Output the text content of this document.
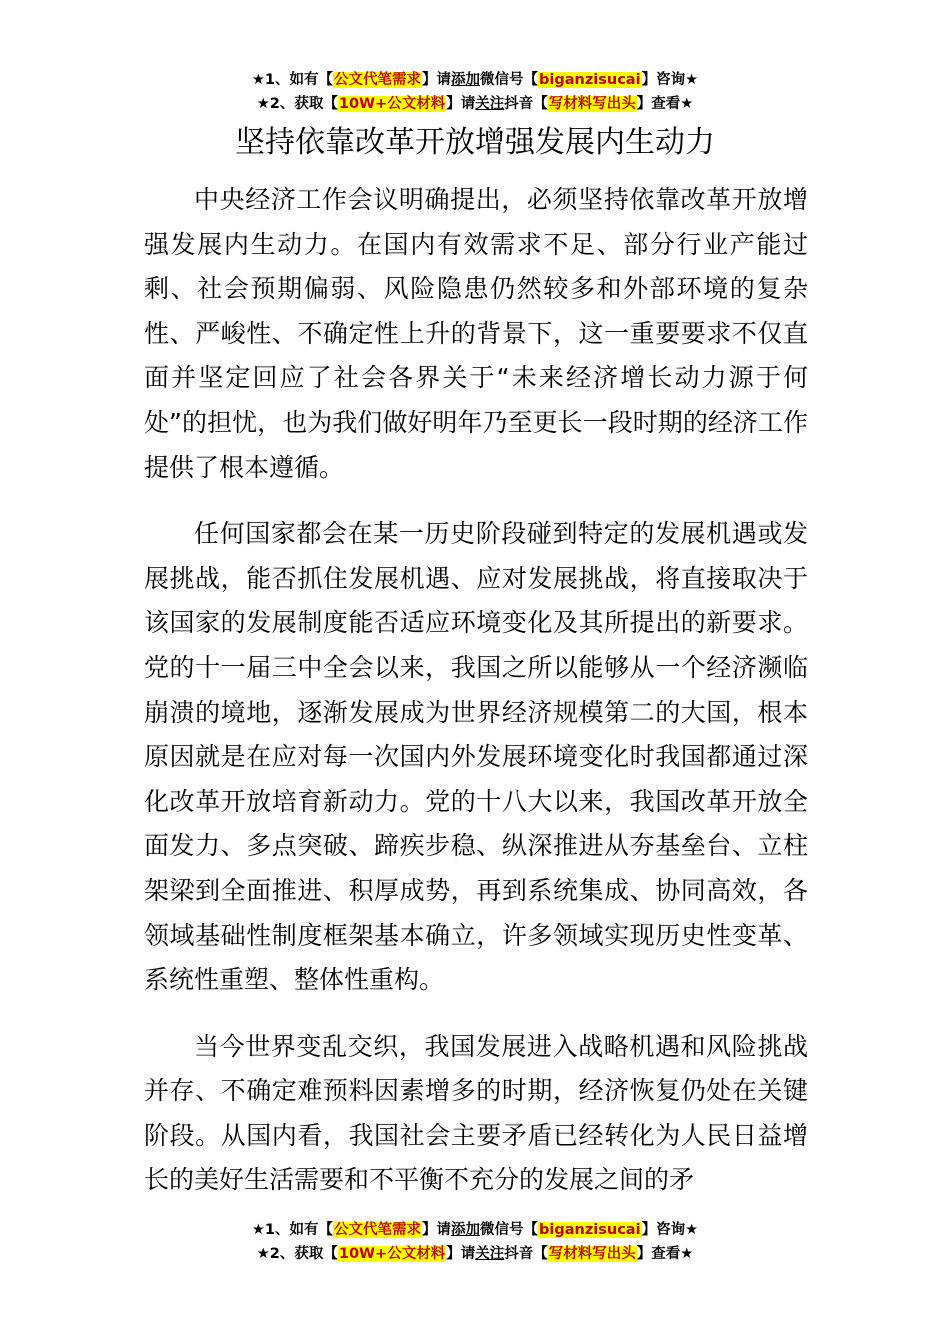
★1、如有【公文代笔需求】请添加微信号【biganzisucai】咨询★
★2、获取【10W+公文材料】请关注抖音【写材料写出头】查看★
坚持依靠改革开放增强发展内生动力

中央经济工作会议明确提出，必须坚持依靠改革开放增强发展内生动力。在国内有效需求不足、部分行业产能过剩、社会预期偏弱、风险隐患仍然较多和外部环境的复杂性、严峻性、不确定性上升的背景下，这一重要要求不仅直面并坚定回应了社会各界关于“未来经济增长动力源于何处”的担忧，也为我们做好明年乃至更长一段时期的经济工作提供了根本遵循。

任何国家都会在某一历史阶段碰到特定的发展机遇或发展挑战，能否抓住发展机遇、应对发展挑战，将直接取决于该国家的发展制度能否适应环境变化及其所提出的新要求。党的十一届三中全会以来，我国之所以能够从一个经济濒临崩溃的境地，逐渐发展成为世界经济规模第二的大国，根本原因就是在应对每一次国内外发展环境变化时我国都通过深化改革开放培育新动力。党的十八大以来，我国改革开放全面发力、多点突破、蹄疾步稳、纵深推进从夯基垒台、立柱架梁到全面推进、积厚成势，再到系统集成、协同高效，各领域基础性制度框架基本确立，许多领域实现历史性变革、系统性重塑、整体性重构。

当今世界变乱交织，我国发展进入战略机遇和风险挑战并存、不确定难预料因素增多的时期，经济恢复仍处在关键阶段。从国内看，我国社会主要矛盾已经转化为人民日益增长的美好生活需要和不平衡不充分的发展之间的矛

★1、如有【公文代笔需求】请添加微信号【biganzisucai】咨询★
★2、获取【10W+公文材料】请关注抖音【写材料写出头】查看★
